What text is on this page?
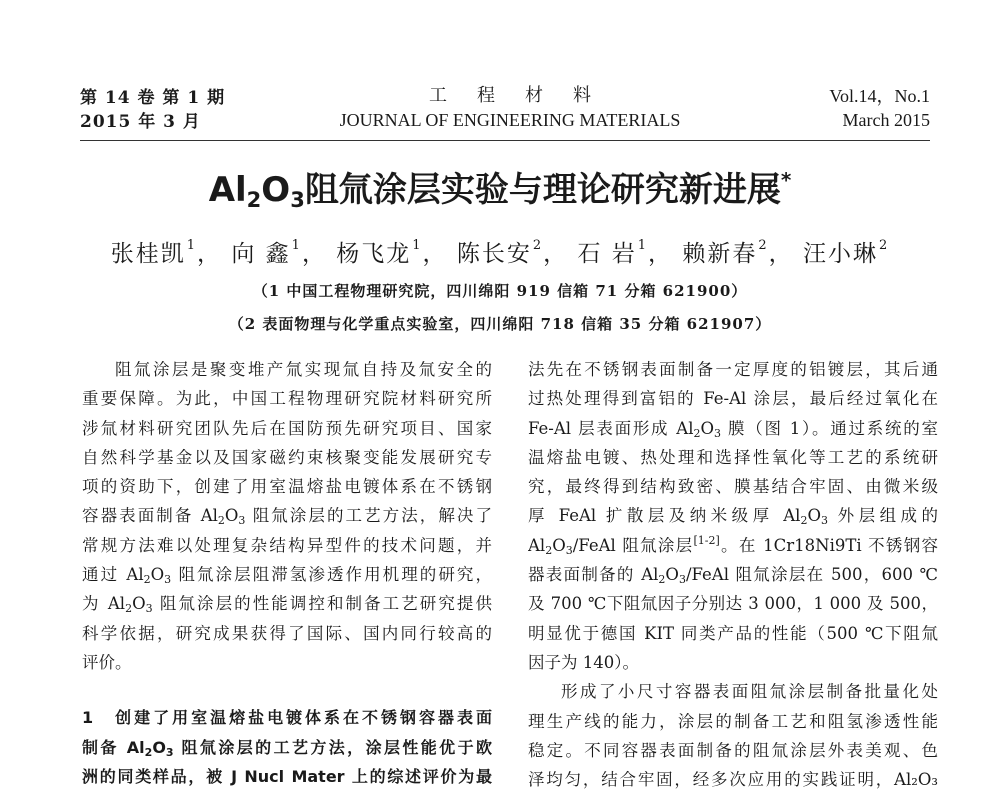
第 14 卷 第 1 期
2015 年 3 月
工程材料
JOURNAL OF ENGINEERING MATERIALS
Vol.14，No.1
March 2015
$Al_2O_3$阻氚涂层实验与理论研究新进展*
张桂凯$^1$， 向 鑫$^1$， 杨飞龙$^1$， 陈长安$^2$， 石 岩$^1$， 赖新春$^2$， 汪小琳$^2$
（1 中国工程物理研究院，四川绵阳 919 信箱 71 分箱 621900）
（2 表面物理与化学重点实验室，四川绵阳 718 信箱 35 分箱 621907）
阻氚涂层是聚变堆产氚实现氚自持及氚安全的
重要保障。为此，中国工程物理研究院材料研究所
涉氚材料研究团队先后在国防预先研究项目、国家
自然科学基金以及国家磁约束核聚变能发展研究专
项的资助下，创建了用室温熔盐电镀体系在不锈钢
容器表面制备 $Al_2O_3$ 阻氚涂层的工艺方法，解决了
常规方法难以处理复杂结构异型件的技术问题，并
通过 $Al_2O_3$ 阻氚涂层阻滞氢渗透作用机理的研究，
为 $Al_2O_3$ 阻氚涂层的性能调控和制备工艺研究提供
科学依据，研究成果获得了国际、国内同行较高的
评价。
1　创建了用室温熔盐电镀体系在不锈钢容器表面
制备 $Al_2O_3$ 阻氚涂层的工艺方法，涂层性能优于欧
洲的同类样品，被 J Nucl Mater 上的综述评价为最
法先在不锈钢表面制备一定厚度的铝镀层，其后通
过热处理得到富铝的 Fe-Al 涂层，最后经过氧化在
Fe-Al 层表面形成 $Al_2O_3$ 膜（图 1）。通过系统的室
温熔盐电镀、热处理和选择性氧化等工艺的系统研
究，最终得到结构致密、膜基结合牢固、由微米级
厚 FeAl 扩散层及纳米级厚 $Al_2O_3$ 外层组成的
$Al_2O_3$/FeAl 阻氚涂层[1-2]。在 1Cr18Ni9Ti 不锈钢容
器表面制备的 $Al_2O_3$/FeAl 阻氚涂层在 500，600 ℃
及 700 ℃下阻氚因子分别达 3 000，1 000 及 500，
明显优于德国 KIT 同类产品的性能（500 ℃下阻氚
因子为 140）。
形成了小尺寸容器表面阻氚涂层制备批量化处
理生产线的能力，涂层的制备工艺和阻氢渗透性能
稳定。不同容器表面制备的阻氚涂层外表美观、色
泽均匀，结合牢固，经多次应用的实践证明，Al₂O₃
